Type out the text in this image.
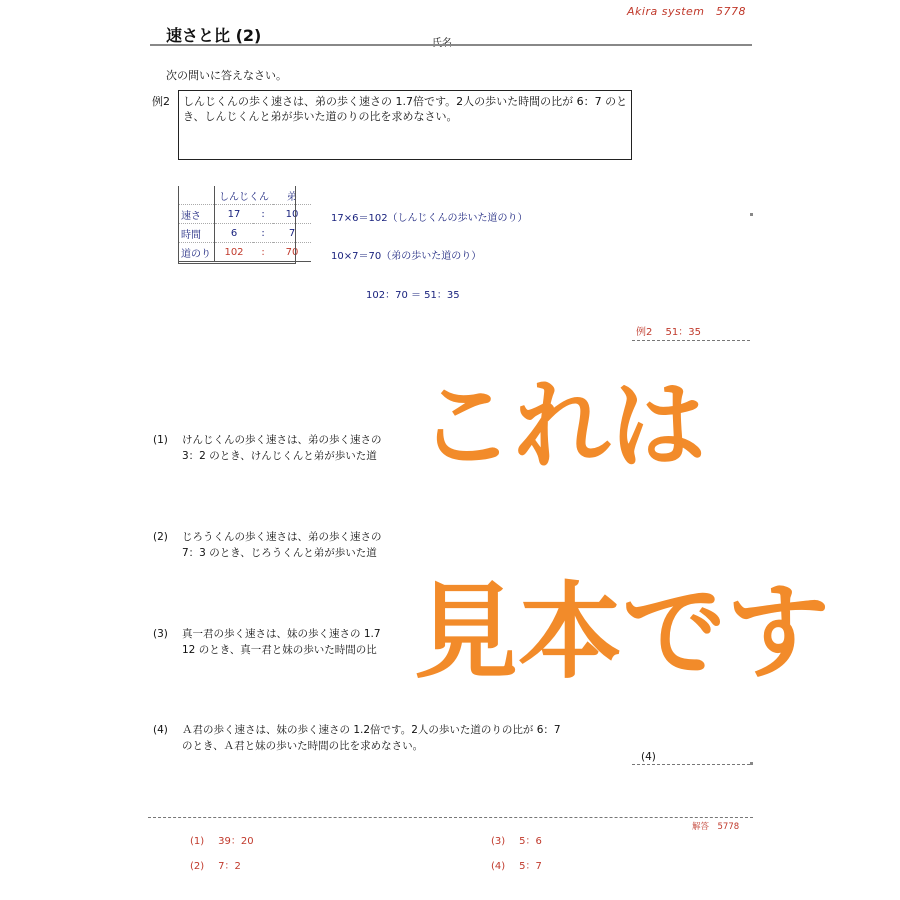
Akira system　5778
速さと比 (2)	氏名
次の問いに答えなさい。
例2 しんじくんの歩く速さは、弟の歩く速さの 1.7倍です。2人の歩いた時間の比が 6：7 のとき、しんじくんと弟が歩いた道のりの比を求めなさい。
	しんじくん		弟
速さ	17	:	10
時間	6	:	7
道のり	102	:	70
17×6＝102（しんじくんの歩いた道のり）
10×7＝70（弟の歩いた道のり）
102：70 ＝ 51：35
例2　 51：35
(1) けんじくんの歩く速さは、弟の歩く速さの
3：2 のとき、けんじくんと弟が歩いた道
(2) じろうくんの歩く速さは、弟の歩く速さの
7：3 のとき、じろうくんと弟が歩いた道
(3) 真一君の歩く速さは、妹の歩く速さの 1.7
12 のとき、真一君と妹の歩いた時間の比
(4) Ａ君の歩く速さは、妹の歩く速さの 1.2倍です。2人の歩いた道のりの比が 6：7
のとき、Ａ君と妹の歩いた時間の比を求めなさい。
(4)
これは
見本です
解答　5778
(1) 39：20
(2) 7：2
(3) 5：6
(4) 5：7
